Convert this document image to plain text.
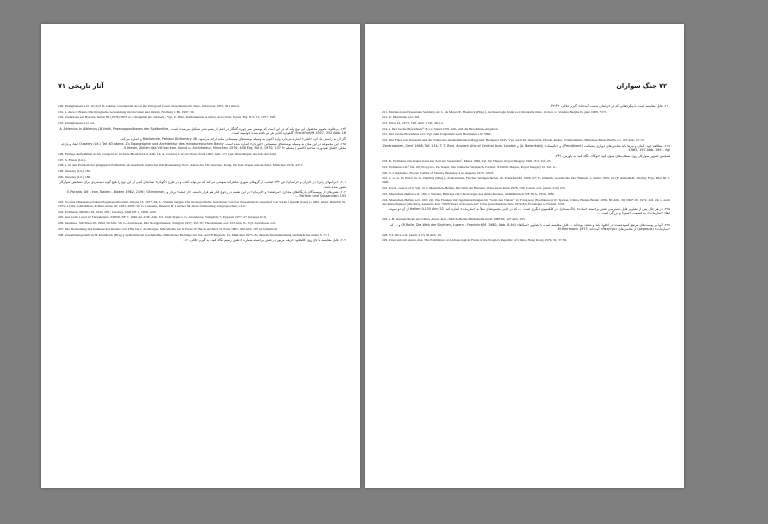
آثار تاریخی ٧١

190. Eitinghausen a.O. 16; dort D. Gluber, Ceremonial Art at the Umayyad Court, maschinenschr. Diss., Princeton 1955, 561 zitiert.

191. s. dazu J. Braun, Die liturgische Gewandung im Occident und Orient, Freiburg i. Br. 1907, 50.

192. studiolaus zur Byzanz, Kunst III (1978) 5873 ss = Insignien (K. Wessel) - Vgl. E. Piltz, Kamelaukion et mitra, Acta Univ. Upsal. Fig. N.S. 15, 1977, 19ff.

193. Eitinghausen a.O. 24.

۱۹۴. برعلاوه، تصویر محصول این نوع پایه که در این است که پوشش سر چهره گلنگار در اصل از پشم شتر تشکیل می‌شده است. A. Ahlenius in Albienus J.B.feldt, Praesuppositiones der Spätantike, Frankfurt/M 1957, 352 Abb. 16; گاهواره کتانی هر دو بافته شده خواسته است.

اگر آن به راستی یاد کرد «کپلی» اشاره می‌دارد واژه اکنون به وسیله نوشته‌های سیستانی مانند ارائه می‌شود، Mackenzie, Pahlavi Dictionary 48 و اشاره می‌کند.

۱۹۵. این مجموعه در این میان به وسیله نوشته‌های سیستانی «کوزنان» اشاره شده است. Ouseley (Lit.) Taf. 63 abera. Zu Topographie und Architektur des minaturesischen Bauty ابعاد و پارچه محلی خلفای هم‌دوره. ساخته اکاسم / مسلم «S.Kiesel, Aktien des Vill bei Iran. Kunst u. Architektur, München 1976, 448 Erg. Bd 4, 1970, 137 f.

196. Einzige Aufnahmen in der vorigen Lit. in Sarre/Herzfeld/Lit. Abb. 14; A. Godard, L'art de l'Iran, Paris 1962, Abb. 171 (aus Obersätigste des Iah 'Ali Sah).

197. S. Fässle (Lit.).

198. s. zu den Problem der gängigsten Fehlerhitz als Ausdruck iranischer Rückbesinnung Vozl., Akten des VII. Internat. Kong. für Iran. Kunst und Archäol. München 1976, 437 f.

199. Ouseley (Lit.) 185.

200. Ouseley (Lit.) 186.

۲۰۱. «برنامهای زایر» در «ایران و خراسان» ص ۲۴۲ صحبت از گروهای شهری شاهزاده شوشی می‌کند که می‌تواند کتاب و در طرح «گوتان» نشانه‌ای کتبی از این نوع را هیچ گونه دستمزدی برای تشخیص سوارکار تصور شده باشد.

۲۰۲. نقش‌های از نویسندگان بازیگاه‌های مجازی «مرصعه» و «ایرمان» در این نقشه در رجوع کنار هم قرار داشته، «از جمله» پرداز و E.Porada, Alt - Iran, Baden - Baden 1962, 219f.; Ghirshman, Parther und Sassaniden 193 ...

203. So eine Diskussion Pakazi/Sagiazena/Rostam, Oriens 13, 1977, 64; L. Vanden berghe, Der ikonografische bericheren von frei Sassanidisch caesarisef von Sarab-i Qandil (Iran) (= Mitt. Abad. Rüstmit 35, 1973, 2 (261; Ghirshman, Artibus Asiae 20, 1963, 209f.; W. G. Lukonin, Iniseren H. Luscher für diese Umdeutung ausgesprochen, s.Lit.

204. Erdmann, MDOG 38, 1942, 28f.; Luschey, AMI NF 1, 1968, 129f.

205. Aus Grab 1 und 12 Thorsheners, ZDWK NF 7, 1940-42, 219f. Abb. 6.5. Zum Typus s. G. Arwidsson, Valsgärde 7, Uppsala 1977, 27 (Gruppe II 2).

206. Ghalaiso, Sbl/Wien 50, 1964, 56 Abb. 5b; G. Arwidsson, Die Nordgermanen, Stuttgart 1957, Taf. IV; Thordemann a.O. 223 Abb. 8.- Vgl. Arwidsson a.O.

207. Die Darstellung des Indienes des Reiters von T'Bu bei J. de Morgan, Miscellania sur la Perse IV, Bech-Archäol. II, Paris 1897, 320 Abb. 187 ist fehlerhaft.

208. Zusammengestellt in H. Klumbach (Hrsg.), Spätrömische Gardehelme, Münchener Beiträge zur Vor- und Frühgesch. 15, München 1973. Zu diesem Zusammenhang ausführlicher unten S. 71 f.

۲۰۹. قابل مقایسه با تاج روی کلاهخود حریف مزبور در نقش برجسته شماره ۸ نقش رستم نگاه کنید، به گیرم جلالی، ۱۶.

٧٢ جنگ سواران

۲۱۰. قابل مقایسه است با پیکره‌هایی که در خراسان بدست آمده‌اند؛ گیرم جلالی، ۴۲-۴۳.

211. Pantheon und Sassanian Saddlery, in: L. de Meyer/E. Haerinck (Hrsg.), Archaeologia Iranica et Orientalis misc., in hon. L. Vanden Berghe II, gent 1989, 757f.

212. U. Herrmann a.O. 59f.

213. Ichar 16, 1973, 74ff. Abb. 1 Taf. 48,1.2.

214. s. Der Große Brockhaus¹⁶ X s.v. Sattel 279f. Abb. und die Brockhaus-Angaben.

215. Der Große Brockhaus a.O. Vgl. zum Folgenden auch Herrmann a.O. 589f.

216. Der Fund von Kunzsali und der Samst der landnehmenden Magyaren, Budapest 1943- Vgl. auch M. Jankovich, Pferde, Reiter, Völkerstürme, München-Basel-Berlin o.J. 103 Abb. 47-72.

۲۱۷. مطالعه خود، کمان و تیرها باید نقاشی‌های دیواری پنجیکنت (Pendjikent)، و «بالیسک» (A. Belenitskij) و Zentralasien, Genf 1968, Taf. 134; T. T. Rice, Ancient Arts of Central Asia, London 1965, 197 Abb. 189 - Vgl.

همچنین تصویر سوارکار روی بشقاب‌های سوی کوه «نوکا»، نگاه کنید به پاورس، ۲۴۹.

218. K. Erdmann, Die Kunst Irans zur Zeit der Sasaniden², Mainz 1969, Taf. 62; Harper, Royal Imagery 1981, 81f. Taf. 25.

219. Erdmann a.O.² Taf. 60; Propyl.G. Th. Kunst, Die römische Weltreich, Farbtaf. XXXIII, Harper, Royal Imagery 61 Taf. 11.

220. S. I. Rudenko, Frozen Tombs of Siberia, Berkeley-Los Angeles 1970, 129 ff.

221. s. so A. D. Bivar in: G. Hambly (Hrsg.), Zentralasien, Fischer Weltgeschichte 16, Frankfurt/M. 1966, 67; F. Altheim, Geschichte Der Hunnen 1, berlin 1959, 10 (F. Altheim/R. Stiehl); Frye, Hist III 7, 346f.

222. Icard., Genos 213; Vgl. O. J. Maenchen-Helfen, Die Welt der Hunnen, Wien-Graz-Köln 1978, 159; Laszlo a.O. (Anm. 216) 155.

223. Maenchen-Helfen a.O. 160; J. Werner, Beiträge zur Chronologie des Attila-Kreises, AbhMünchen, NF 38 A, 1956, 108f.

224. Maenchen-Helfen a.O. 160; vgl. Die Fresken mit Jagddarstellungen im "Grab des Tänzer" in T'ung-kou (Northkorea) W. Speiser, China, Baden-Baden 1959, 80 Abb. 30; DKF 20, 1972, 44f. 24; s. auch das Reiterfiguren (Ali-Sila), Ausstell.-Kat. "5000 Years of Korean Art" USA (verschiedene Orte 1979-81) Frontispiz u. Farbtaf. VIII.

۲۲۵. در هر حال پس از تصاویر قابل دسترسی نقش برجسته «ساده» (تاک‌بستان)، در کلکسیون دیگری است ...، که در جایی مجموعه‌ای مثلاً به «سارمات» اشاره کند. Halbm 0.155 Ann 52 از آن دو نمونه، ابعاد «سارمات»، به قسمت «سپر» و بزرگی است ...

226. s. B. Kunnatchicke aus China, Ausst.-Kat., Zürich-Berlin-Hildesheim-Köln 1980/82, 127 Abb. 105.

۲۲۷. آنها بر پوست‌های مرتفع کشیده‌شده در اتاقها، بلند و متعدد بوده‌اند ... قابل مقایسه است با تصاویر «سکاها» (R.Rolle, Die Welt der Skythen, Luzern - Frankfurt/M. 1980, Abb. 8,4d) و ... که «سارمات» (pegasus) از نقاشی‌های «Pazyryk» آمده‌اند؛ M.Herrmann 1973.

228. T.T. Rice a.O. (Anm. 217) 36 Abb. 19.

229. Cites Arts im Ausst.-Kat. The Exhibition of Archaeological Finds of the People's Republic of China, Hong Kong 1976, Nr. 57-59.
